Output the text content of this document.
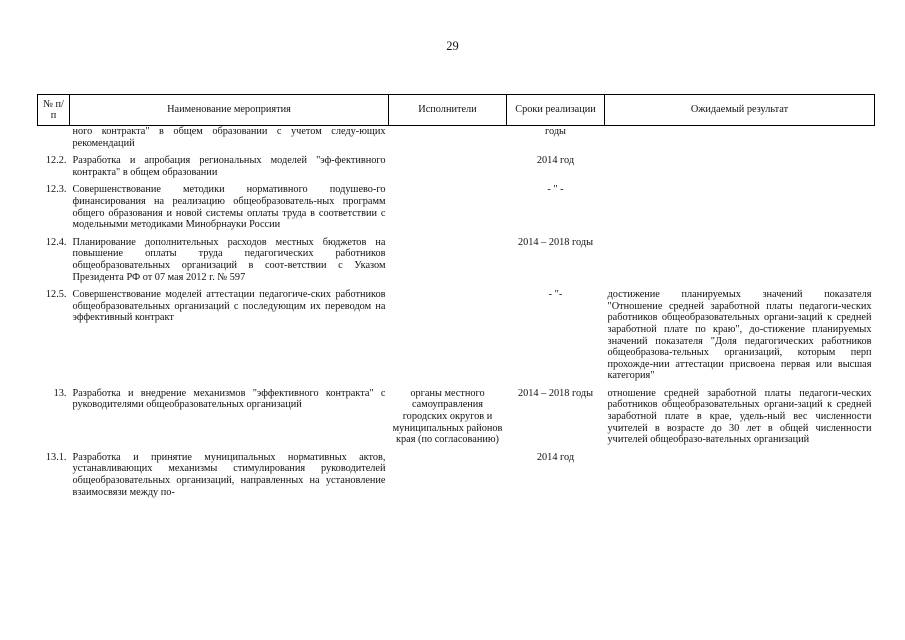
29
№ п/п	Наименование мероприятия	Исполнители	Сроки реализации	Ожидаемый результат
	ного контракта" в общем образовании с учетом следу-ющих рекомендаций		годы	
12.2.	Разработка и апробация региональных моделей "эф-фективного контракта" в общем образовании		2014 год	
12.3.	Совершенствование методики нормативного подушево-го финансирования на реализацию общеобразователь-ных программ общего образования и новой системы оплаты труда в соответствии с модельными методиками Минобрнауки России		- " -	
12.4.	Планирование дополнительных расходов местных бюджетов на повышение оплаты труда педагогических работников общеобразовательных организаций в соот-ветствии с Указом Президента РФ от 07 мая 2012 г. № 597		2014 – 2018 годы	
12.5.	Совершенствование моделей аттестации педагогиче-ских работников общеобразовательных организаций с последующим их переводом на эффективный контракт		- "-	достижение планируемых значений показателя "Отношение средней заработной платы педагоги-ческих работников общеобразовательных органи-заций к средней заработной плате по краю", до-стижение планируемых значений показателя "Доля педагогических работников общеобразова-тельных организаций, которым перп прохожде-нии аттестации присвоена первая или высшая категория"
13.	Разработка и внедрение механизмов "эффективного контракта" с руководителями общеобразовательных организаций	органы местного самоуправления городских округов и муниципальных районов края (по согласованию)	2014 – 2018 годы	отношение средней заработной платы педагоги-ческих работников общеобразовательных органи-заций к средней заработной плате в крае, удель-ный вес численности учителей в возрасте до 30 лет в общей численности учителей общеобразо-вательных организаций
13.1.	Разработка и принятие муниципальных нормативных актов, устанавливающих механизмы стимулирования руководителей общеобразовательных организаций, направленных на установление взаимосвязи между по-		2014 год	
